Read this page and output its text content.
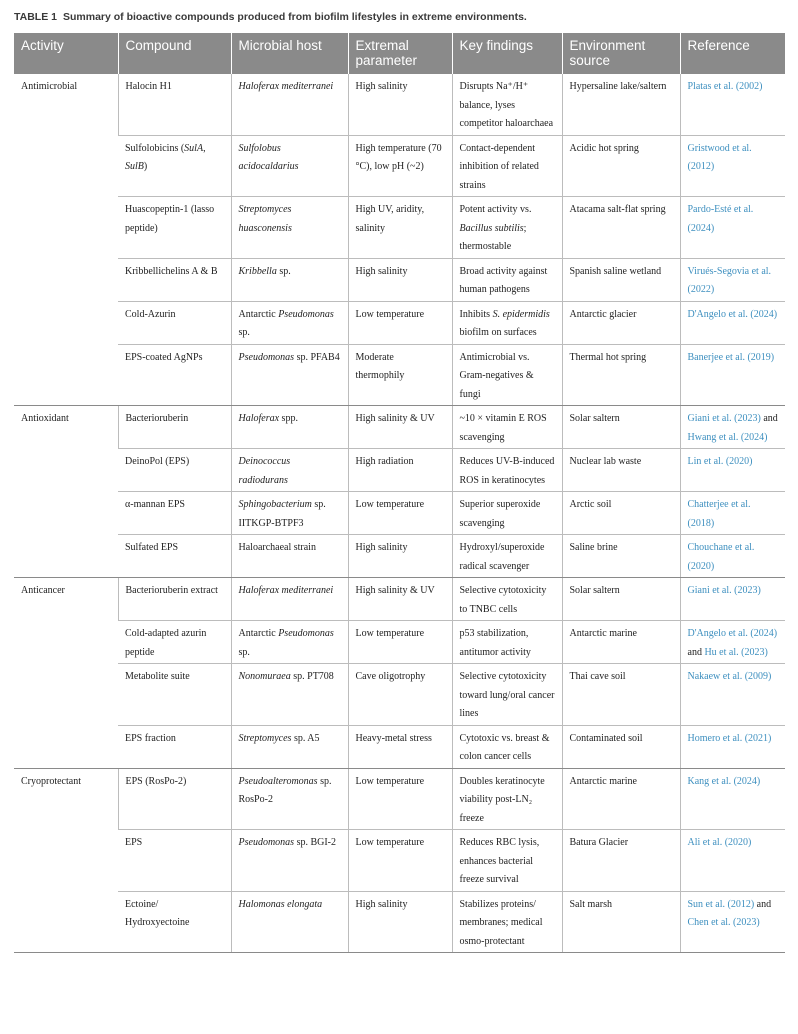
TABLE 1 Summary of bioactive compounds produced from biofilm lifestyles in extreme environments.
Activity	Compound	Microbial host	Extremal parameter	Key findings	Environment source	Reference
Antimicrobial	Halocin H1	Haloferax mediterranei	High salinity	Disrupts Na⁺/H⁺ balance, lyses competitor haloarchaea	Hypersaline lake/saltern	Platas et al. (2002)
	Sulfolobicins (SulA, SulB)	Sulfolobus acidocaldarius	High temperature (70 °C), low pH (~2)	Contact-dependent inhibition of related strains	Acidic hot spring	Gristwood et al. (2012)
	Huascopeptin-1 (lasso peptide)	Streptomyces huasconensis	High UV, aridity, salinity	Potent activity vs. Bacillus subtilis; thermostable	Atacama salt-flat spring	Pardo-Esté et al. (2024)
	Kribbellichelins A & B	Kribbella sp.	High salinity	Broad activity against human pathogens	Spanish saline wetland	Virués-Segovia et al. (2022)
	Cold-Azurin	Antarctic Pseudomonas sp.	Low temperature	Inhibits S. epidermidis biofilm on surfaces	Antarctic glacier	D'Angelo et al. (2024)
	EPS-coated AgNPs	Pseudomonas sp. PFAB4	Moderate thermophily	Antimicrobial vs. Gram-negatives & fungi	Thermal hot spring	Banerjee et al. (2019)
Antioxidant	Bacterioruberin	Haloferax spp.	High salinity & UV	~10 × vitamin E ROS scavenging	Solar saltern	Giani et al. (2023) and Hwang et al. (2024)
	DeinoPol (EPS)	Deinococcus radiodurans	High radiation	Reduces UV-B-induced ROS in keratinocytes	Nuclear lab waste	Lin et al. (2020)
	α-mannan EPS	Sphingobacterium sp. IITKGP-BTPF3	Low temperature	Superior superoxide scavenging	Arctic soil	Chatterjee et al. (2018)
	Sulfated EPS	Haloarchaeal strain	High salinity	Hydroxyl/superoxide radical scavenger	Saline brine	Chouchane et al. (2020)
Anticancer	Bacterioruberin extract	Haloferax mediterranei	High salinity & UV	Selective cytotoxicity to TNBC cells	Solar saltern	Giani et al. (2023)
	Cold-adapted azurin peptide	Antarctic Pseudomonas sp.	Low temperature	p53 stabilization, antitumor activity	Antarctic marine	D'Angelo et al. (2024) and Hu et al. (2023)
	Metabolite suite	Nonomuraea sp. PT708	Cave oligotrophy	Selective cytotoxicity toward lung/oral cancer lines	Thai cave soil	Nakaew et al. (2009)
	EPS fraction	Streptomyces sp. A5	Heavy-metal stress	Cytotoxic vs. breast & colon cancer cells	Contaminated soil	Homero et al. (2021)
Cryoprotectant	EPS (RosPo-2)	Pseudoalteromonas sp. RosPo-2	Low temperature	Doubles keratinocyte viability post-LN₂ freeze	Antarctic marine	Kang et al. (2024)
	EPS	Pseudomonas sp. BGI-2	Low temperature	Reduces RBC lysis, enhances bacterial freeze survival	Batura Glacier	Ali et al. (2020)
	Ectoine/ Hydroxyectoine	Halomonas elongata	High salinity	Stabilizes proteins/ membranes; medical osmo-protectant	Salt marsh	Sun et al. (2012) and Chen et al. (2023)
